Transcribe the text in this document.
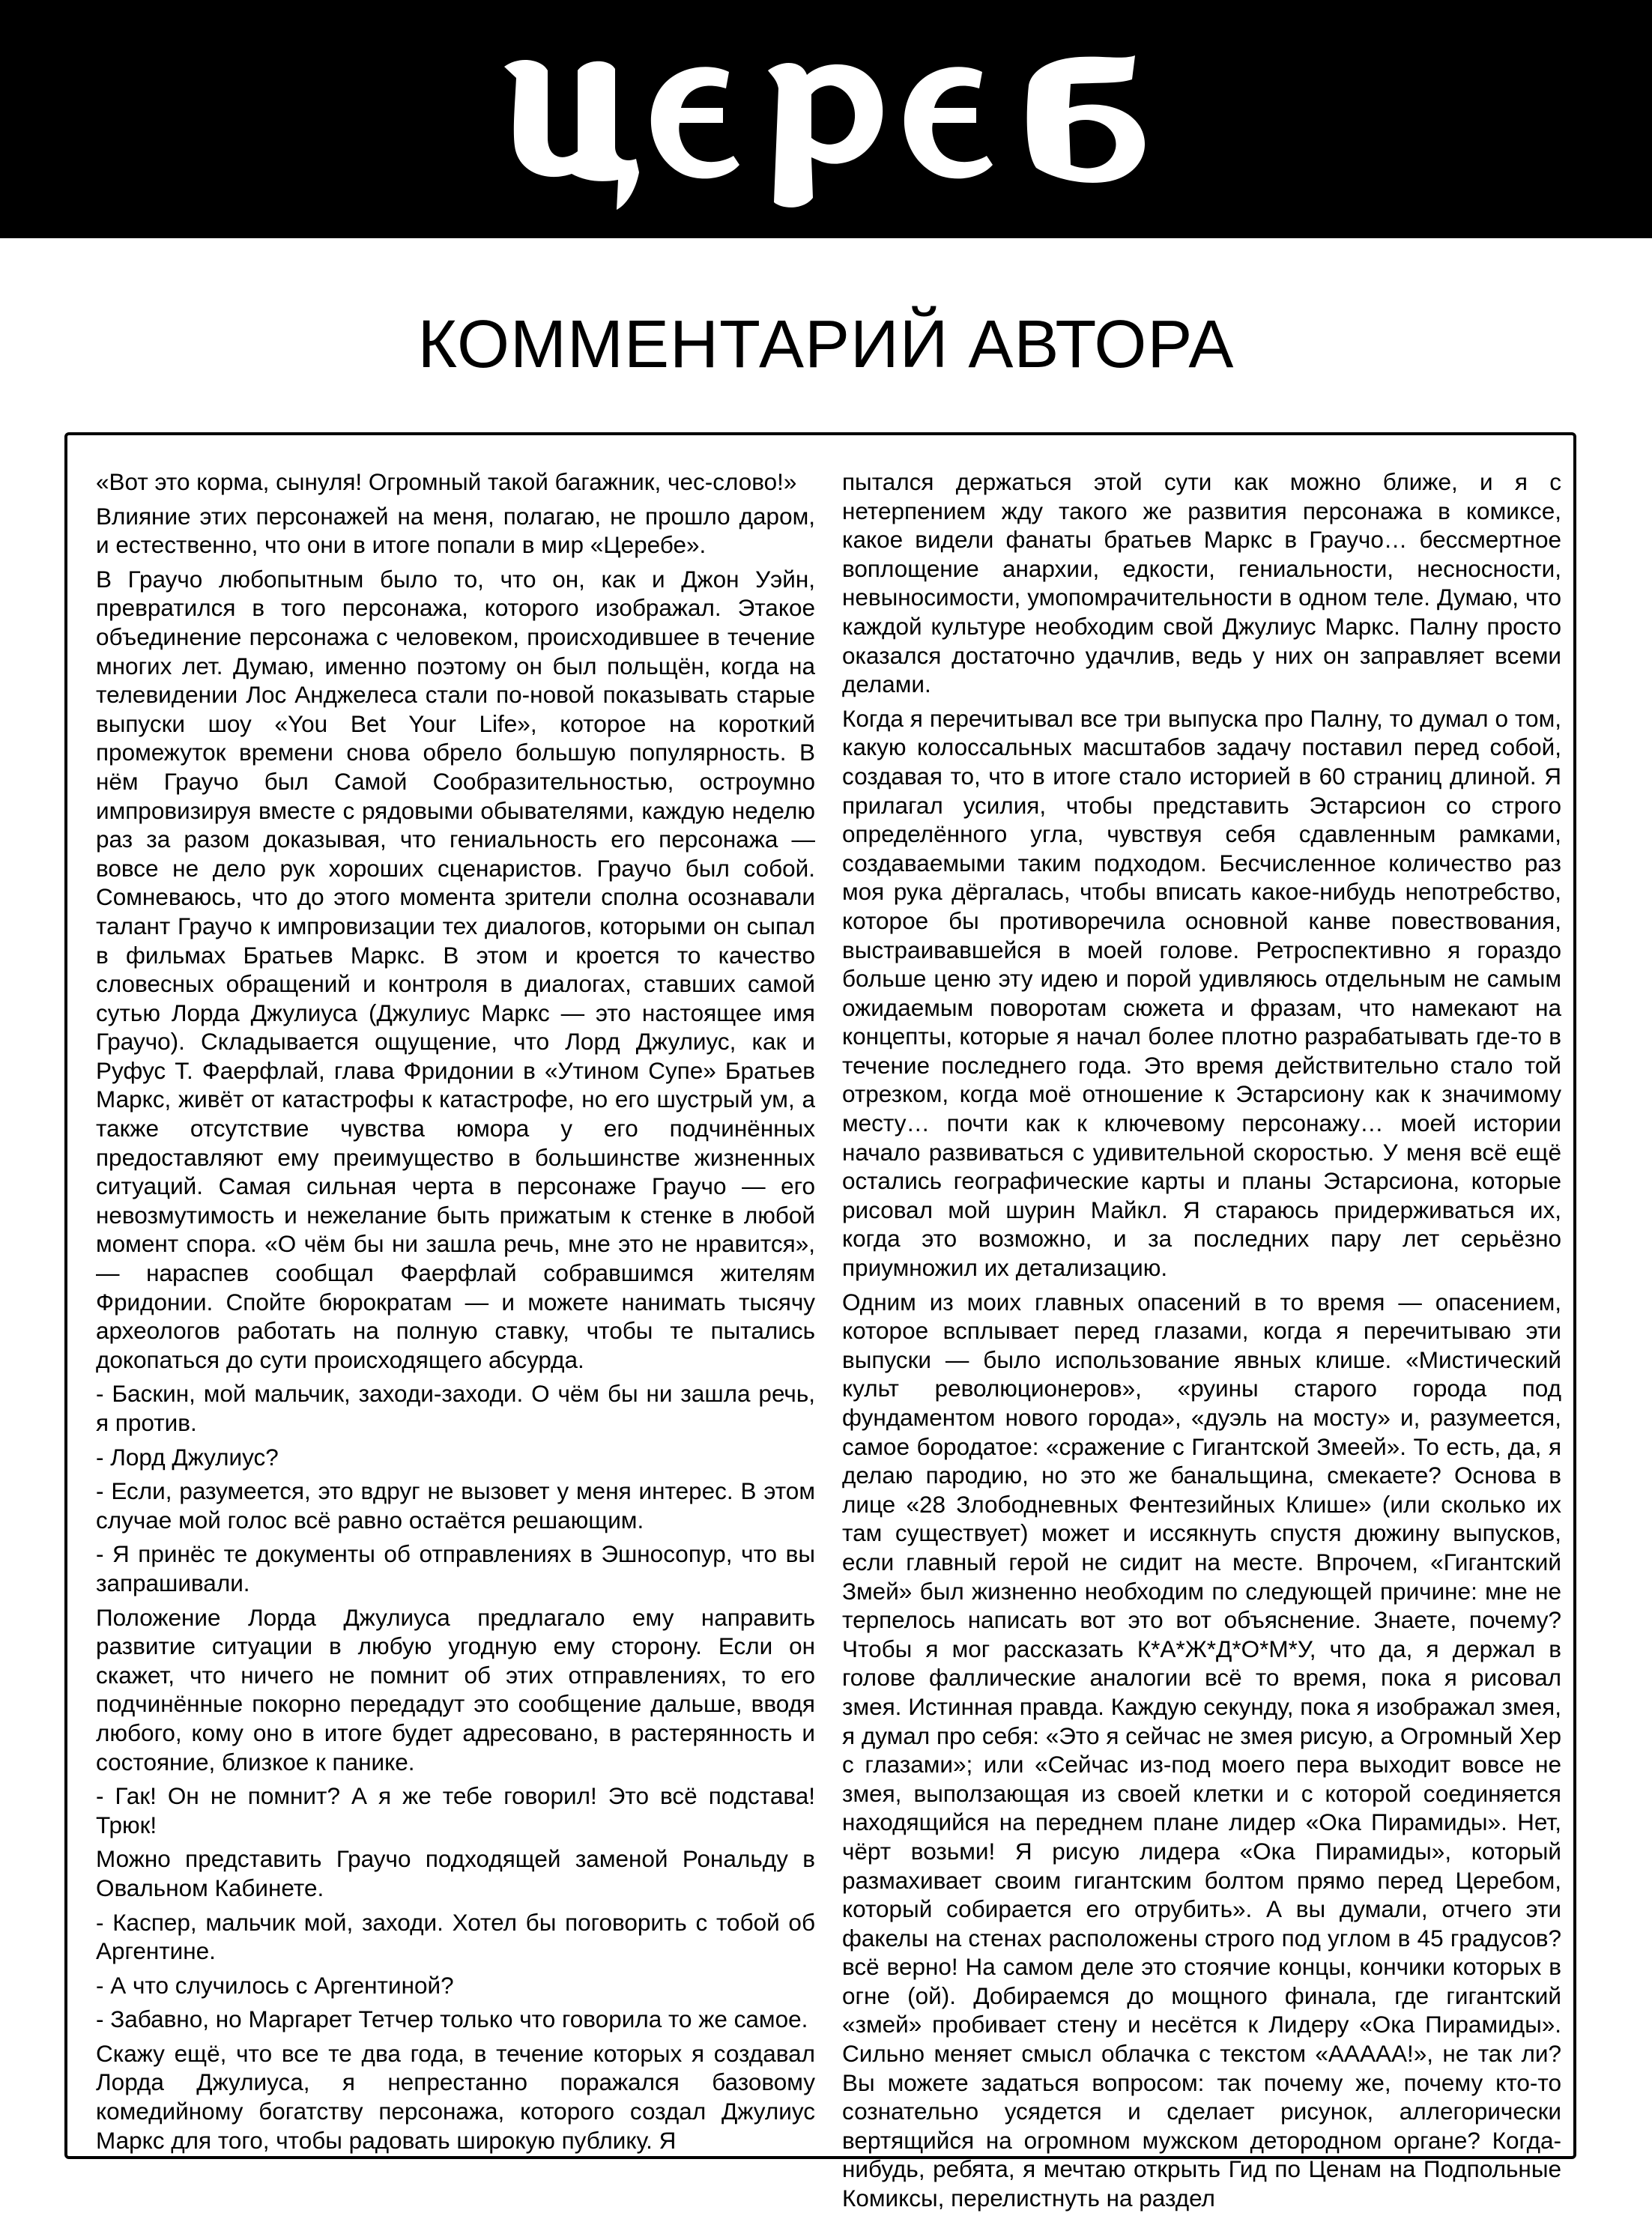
КОММЕНТАРИЙ АВТОРА

«Вот это корма, сынуля! Огромный такой багажник, чес-слово!»

Влияние этих персонажей на меня, полагаю, не прошло даром, и естественно, что они в итоге попали в мир «Церебе».

В Граучо любопытным было то, что он, как и Джон Уэйн, превратился в того персонажа, которого изображал. Этакое объединение персонажа с человеком, происходившее в течение многих лет. Думаю, именно поэтому он был польщён, когда на телевидении Лос Анджелеса стали по-новой показывать старые выпуски шоу «You Bet Your Life», которое на короткий промежуток времени снова обрело большую популярность. В нём Граучо был Самой Сообразительностью, остроумно импровизируя вместе с рядовыми обывателями, каждую неделю раз за разом доказывая, что гениальность его персонажа — вовсе не дело рук хороших сценаристов. Граучо был собой. Сомневаюсь, что до этого момента зрители сполна осознавали талант Граучо к импровизации тех диалогов, которыми он сыпал в фильмах Братьев Маркс. В этом и кроется то качество словесных обращений и контроля в диалогах, ставших самой сутью Лорда Джулиуса (Джулиус Маркс — это настоящее имя Граучо). Складывается ощущение, что Лорд Джулиус, как и Руфус Т. Фаерфлай, глава Фридонии в «Утином Супе» Братьев Маркс, живёт от катастрофы к катастрофе, но его шустрый ум, а также отсутствие чувства юмора у его подчинённых предоставляют ему преимущество в большинстве жизненных ситуаций. Самая сильная черта в персонаже Граучо — его невозмутимость и нежелание быть прижатым к стенке в любой момент спора. «О чём бы ни зашла речь, мне это не нравится», — нараспев сообщал Фаерфлай собравшимся жителям Фридонии. Спойте бюрократам — и можете нанимать тысячу археологов работать на полную ставку, чтобы те пытались докопаться до сути происходящего абсурда.

- Баскин, мой мальчик, заходи-заходи. О чём бы ни зашла речь, я против.

- Лорд Джулиус?

- Если, разумеется, это вдруг не вызовет у меня интерес. В этом случае мой голос всё равно остаётся решающим.

- Я принёс те документы об отправлениях в Эшносопур, что вы запрашивали.

Положение Лорда Джулиуса предлагало ему направить развитие ситуации в любую угодную ему сторону. Если он скажет, что ничего не помнит об этих отправлениях, то его подчинённые покорно передадут это сообщение дальше, вводя любого, кому оно в итоге будет адресовано, в растерянность и состояние, близкое к панике.

- Гак! Он не помнит? А я же тебе говорил! Это всё подстава! Трюк!

Можно представить Граучо подходящей заменой Рональду в Овальном Кабинете.

- Каспер, мальчик мой, заходи. Хотел бы поговорить с тобой об Аргентине.

- А что случилось с Аргентиной?

- Забавно, но Маргарет Тетчер только что говорила то же самое.

Скажу ещё, что все те два года, в течение которых я создавал Лорда Джулиуса, я непрестанно поражался базовому комедийному богатству персонажа, которого создал Джулиус Маркс для того, чтобы радовать широкую публику. Я

пытался держаться этой сути как можно ближе, и я с нетерпением жду такого же развития персонажа в комиксе, какое видели фанаты братьев Маркс в Граучо… бессмертное воплощение анархии, едкости, гениальности, несносности, невыносимости, умопомрачительности в одном теле. Думаю, что каждой культуре необходим свой Джулиус Маркс. Палну просто оказался достаточно удачлив, ведь у них он заправляет всеми делами.

Когда я перечитывал все три выпуска про Палну, то думал о том, какую колоссальных масштабов задачу поставил перед собой, создавая то, что в итоге стало историей в 60 страниц длиной. Я прилагал усилия, чтобы представить Эстарсион со строго определённого угла, чувствуя себя сдавленным рамками, создаваемыми таким подходом. Бесчисленное количество раз моя рука дёргалась, чтобы вписать какое-нибудь непотребство, которое бы противоречила основной канве повествования, выстраивавшейся в моей голове. Ретроспективно я гораздо больше ценю эту идею и порой удивляюсь отдельным не самым ожидаемым поворотам сюжета и фразам, что намекают на концепты, которые я начал более плотно разрабатывать где-то в течение последнего года. Это время действительно стало той отрезком, когда моё отношение к Эстарсиону как к значимому месту… почти как к ключевому персонажу… моей истории начало развиваться с удивительной скоростью. У меня всё ещё остались географические карты и планы Эстарсиона, которые рисовал мой шурин Майкл. Я стараюсь придерживаться их, когда это возможно, и за последних пару лет серьёзно приумножил их детализацию.

Одним из моих главных опасений в то время — опасением, которое всплывает перед глазами, когда я перечитываю эти выпуски — было использование явных клише. «Мистический культ революционеров», «руины старого города под фундаментом нового города», «дуэль на мосту» и, разумеется, самое бородатое: «сражение с Гигантской Змеей». То есть, да, я делаю пародию, но это же банальщина, смекаете? Основа в лице «28 Злободневных Фентезийных Клише» (или сколько их там существует) может и иссякнуть спустя дюжину выпусков, если главный герой не сидит на месте. Впрочем, «Гигантский Змей» был жизненно необходим по следующей причине: мне не терпелось написать вот это вот объяснение. Знаете, почему? Чтобы я мог рассказать К*А*Ж*Д*О*М*У, что да, я держал в голове фаллические аналогии всё то время, пока я рисовал змея. Истинная правда. Каждую секунду, пока я изображал змея, я думал про себя: «Это я сейчас не змея рисую, а Огромный Хер с глазами»; или «Сейчас из-под моего пера выходит вовсе не змея, выползающая из своей клетки и с которой соединяется находящийся на переднем плане лидер «Ока Пирамиды». Нет, чёрт возьми! Я рисую лидера «Ока Пирамиды», который размахивает своим гигантским болтом прямо перед Церебом, который собирается его отрубить». А вы думали, отчего эти факелы на стенах расположены строго под углом в 45 градусов? всё верно! На самом деле это стоячие концы, кончики которых в огне (ой). Добираемся до мощного финала, где гигантский «змей» пробивает стену и несётся к Лидеру «Ока Пирамиды». Сильно меняет смысл облачка с текстом «ААААА!», не так ли? Вы можете задаться вопросом: так почему же, почему кто-то сознательно усядется и сделает рисунок, аллегорически вертящийся на огромном мужском детородном органе? Когда-нибудь, ребята, я мечтаю открыть Гид по Ценам на Подпольные Комиксы, перелистнуть на раздел
